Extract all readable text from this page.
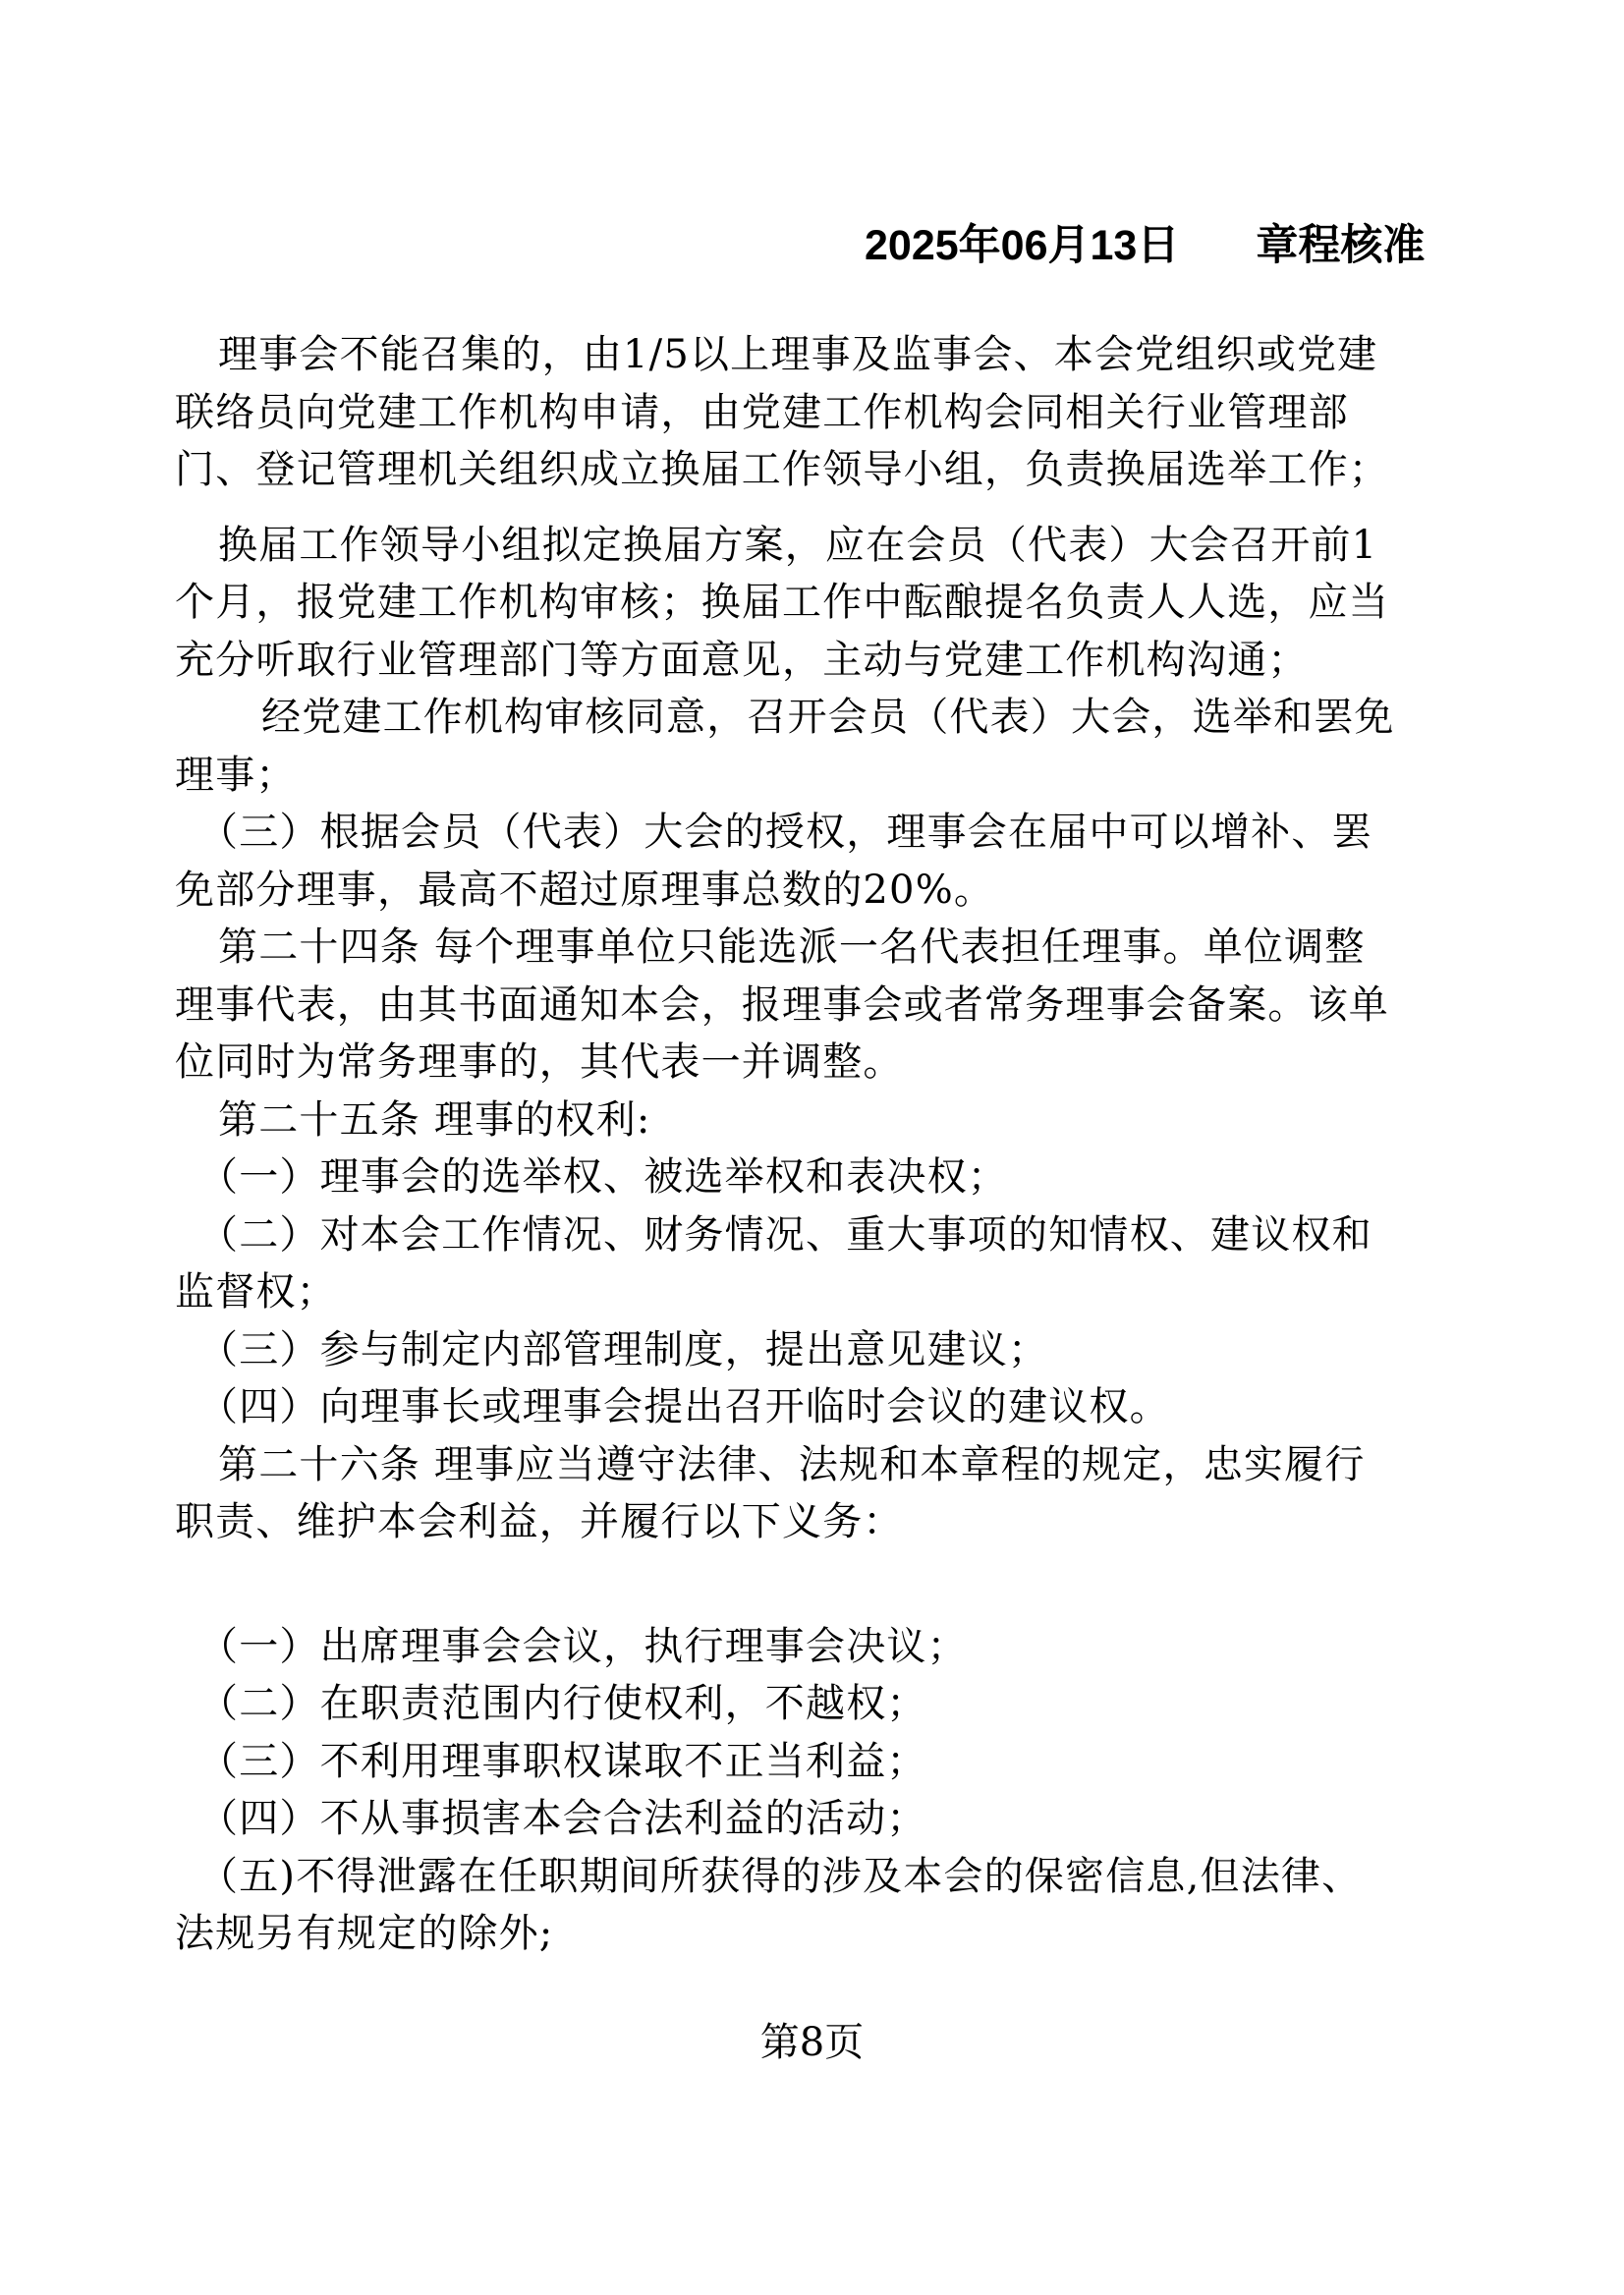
2025年06月13日 章程核准

理事会不能召集的，由1/5以上理事及监事会、本会党组织或党建

联络员向党建工作机构申请，由党建工作机构会同相关行业管理部

门、登记管理机关组织成立换届工作领导小组，负责换届选举工作；

换届工作领导小组拟定换届方案，应在会员（代表）大会召开前1

个月，报党建工作机构审核；换届工作中酝酿提名负责人人选，应当

充分听取行业管理部门等方面意见，主动与党建工作机构沟通；

经党建工作机构审核同意，召开会员（代表）大会，选举和罢免

理事；

（三）根据会员（代表）大会的授权，理事会在届中可以增补、罢

免部分理事，最高不超过原理事总数的20%。

第二十四条 每个理事单位只能选派一名代表担任理事。单位调整

理事代表，由其书面通知本会，报理事会或者常务理事会备案。该单

位同时为常务理事的，其代表一并调整。

第二十五条 理事的权利:

（一）理事会的选举权、被选举权和表决权；

（二）对本会工作情况、财务情况、重大事项的知情权、建议权和

监督权；

（三）参与制定内部管理制度，提出意见建议；

（四）向理事长或理事会提出召开临时会议的建议权。

第二十六条 理事应当遵守法律、法规和本章程的规定，忠实履行

职责、维护本会利益，并履行以下义务：

（一）出席理事会会议，执行理事会决议；

（二）在职责范围内行使权利，不越权；

（三）不利用理事职权谋取不正当利益；

（四）不从事损害本会合法利益的活动；

（五)不得泄露在任职期间所获得的涉及本会的保密信息,但法律、

法规另有规定的除外;

第8页
